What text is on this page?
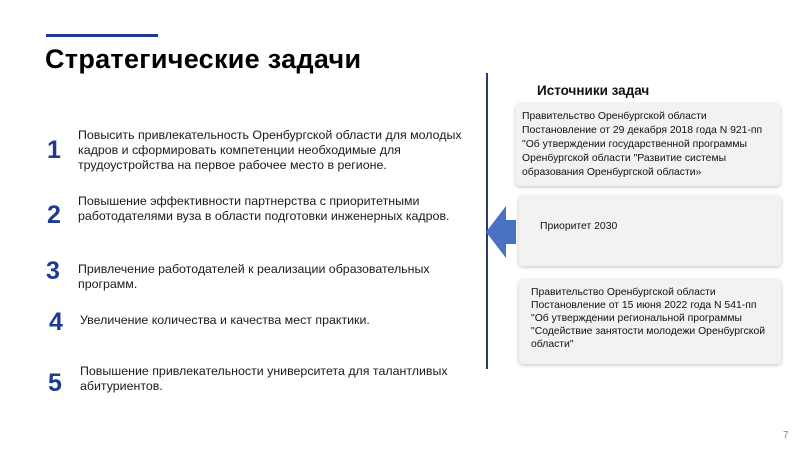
Стратегические задачи
1
Повысить привлекательность Оренбургской области для молодых
кадров и сформировать компетенции необходимые для
трудоустройства на первое рабочее место в регионе.
2 Повышение эффективности партнерства с приоритетными
работодателями вуза в области подготовки инженерных кадров.
3 Привлечение работодателей к реализации образовательных
программ.
4 Увеличение количества и качества мест практики.
5 Повышение привлекательности университета для талантливых
абитуриентов.
Источники задач
Правительство Оренбургской области
Постановление от 29 декабря 2018 года N 921-пп
"Об утверждении государственной программы
Оренбургской области "Развитие системы
образования Оренбургской области»
Приоритет 2030
Правительство Оренбургской области
Постановление от 15 июня 2022 года N 541-пп
"Об утверждении региональной программы
"Содействие занятости молодежи Оренбургской
области"
7
